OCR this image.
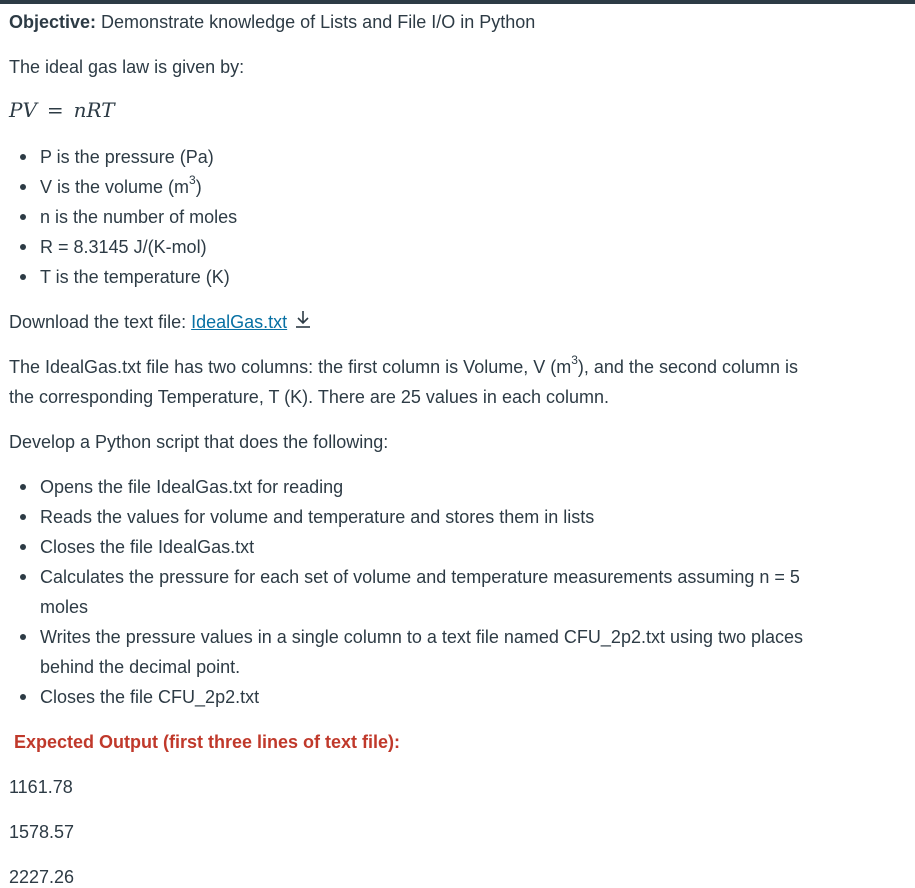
Objective: Demonstrate knowledge of Lists and File I/O in Python
The ideal gas law is given by:
PV = nRT
P is the pressure (Pa)
V is the volume $(m^3)$
n is the number of moles
R = 8.3145 J/(K-mol)
T is the temperature (K)
Download the text file: IdealGas.txt
The IdealGas.txt file has two columns: the first column is Volume, V $(m^3)$, and the second column is
the corresponding Temperature, T (K). There are 25 values in each column.
Develop a Python script that does the following:
Opens the file IdealGas.txt for reading
Reads the values for volume and temperature and stores them in lists
Closes the file IdealGas.txt
Calculates the pressure for each set of volume and temperature measurements assuming n = 5
moles
Writes the pressure values in a single column to a text file named CFU_2p2.txt using two places
behind the decimal point.
Closes the file CFU_2p2.txt
Expected Output (first three lines of text file):
1161.78
1578.57
2227.26
